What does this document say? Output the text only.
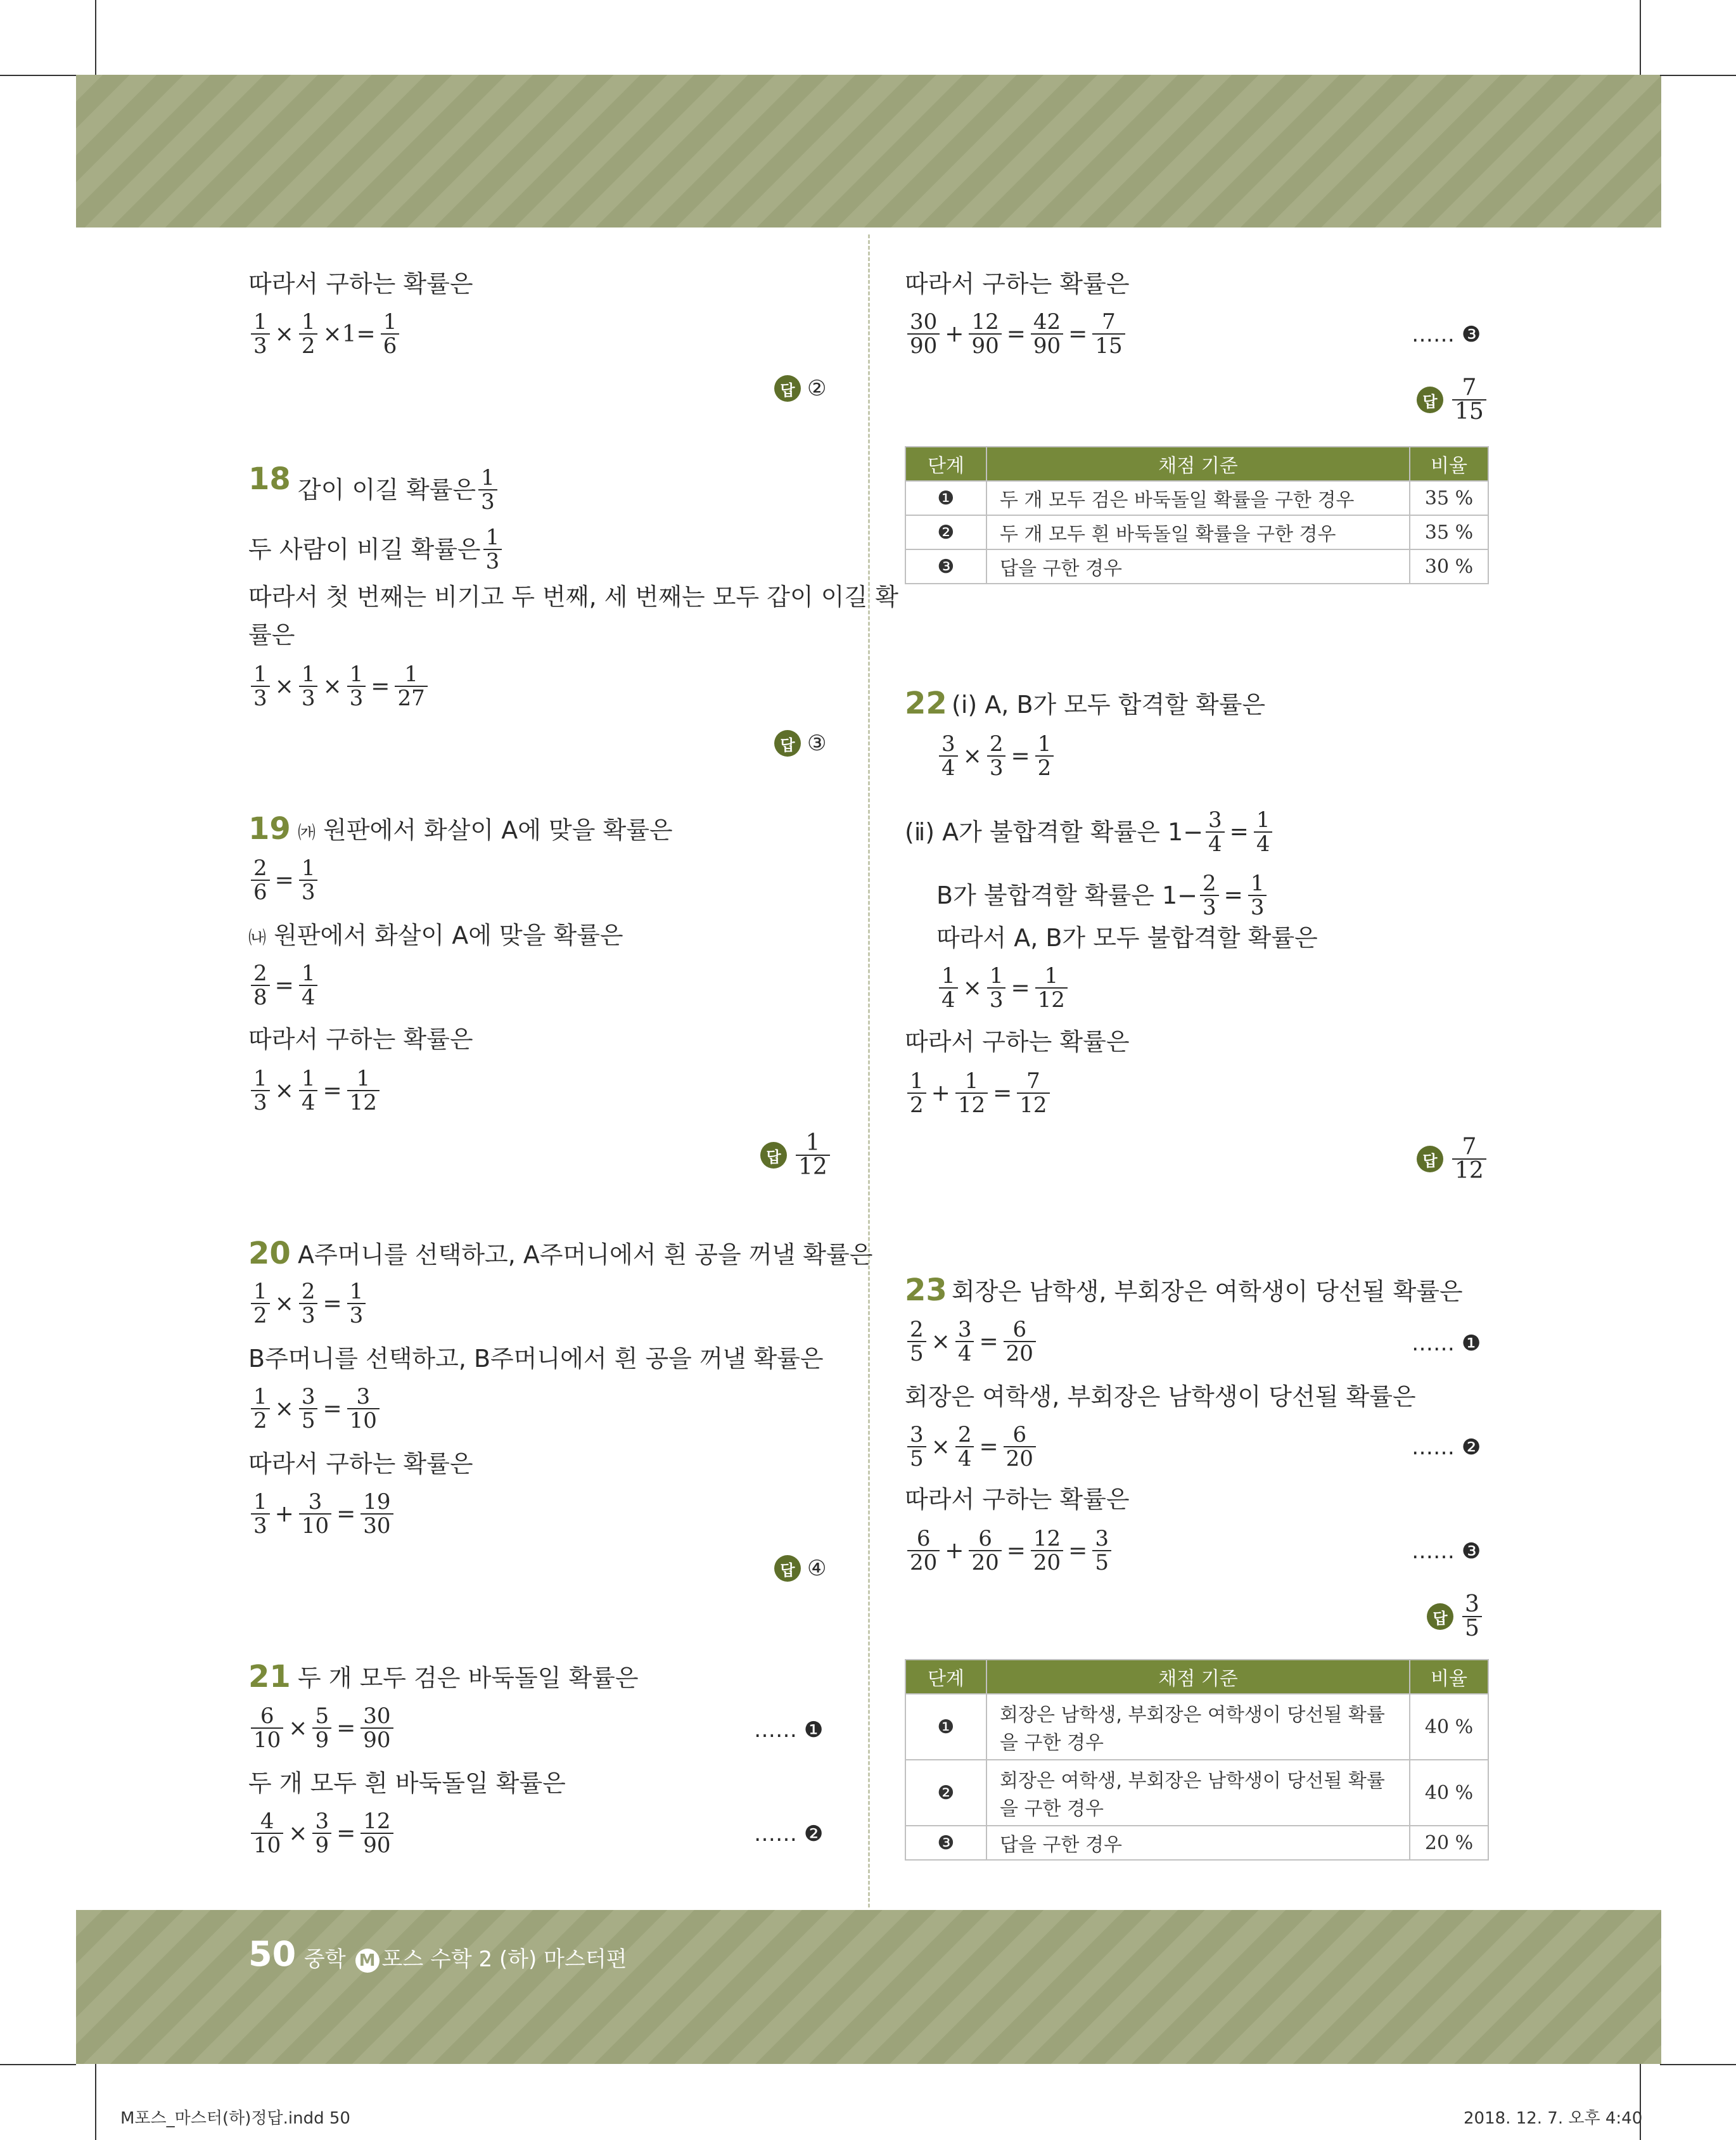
따라서 구하는 확률은
$\frac{1}{3} \times \frac{1}{2} \times 1= \frac{1}{6}$
답 ②
18 갑이 이길 확률은 $\frac{1}{3}$
두 사람이 비길 확률은 $\frac{1}{3}$
따라서 첫 번째는 비기고 두 번째, 세 번째는 모두 갑이 이길 확
률은
$\frac{1}{3} \times \frac{1}{3} \times \frac{1}{3} = \frac{1}{27}$
답 ③
19 ㈎ 원판에서 화살이 A에 맞을 확률은
$\frac{2}{6} = \frac{1}{3}$
㈏ 원판에서 화살이 A에 맞을 확률은
$\frac{2}{8} = \frac{1}{4}$
따라서 구하는 확률은
$\frac{1}{3} \times \frac{1}{4} = \frac{1}{12}$
답 $\frac{1}{12}$
20 A주머니를 선택하고, A주머니에서 흰 공을 꺼낼 확률은
$\frac{1}{2} \times \frac{2}{3} = \frac{1}{3}$
B주머니를 선택하고, B주머니에서 흰 공을 꺼낼 확률은
$\frac{1}{2} \times \frac{3}{5} = \frac{3}{10}$
따라서 구하는 확률은
$\frac{1}{3} + \frac{3}{10} = \frac{19}{30}$
답 ④
21 두 개 모두 검은 바둑돌일 확률은
$\frac{6}{10} \times \frac{5}{9} = \frac{30}{90}$	…… ❶
두 개 모두 흰 바둑돌일 확률은
$\frac{4}{10} \times \frac{3}{9} = \frac{12}{90}$	…… ❷
따라서 구하는 확률은
$\frac{30}{90} + \frac{12}{90} = \frac{42}{90} = \frac{7}{15}$	…… ❸
답 $\frac{7}{15}$
단계	채점 기준	비율
❶	두 개 모두 검은 바둑돌일 확률을 구한 경우	35 %
❷	두 개 모두 흰 바둑돌일 확률을 구한 경우	35 %
❸	답을 구한 경우	30 %
22 (ⅰ) A, B가 모두 합격할 확률은
$\frac{3}{4} \times \frac{2}{3} = \frac{1}{2}$
(ⅱ) A가 불합격할 확률은 $1- \frac{3}{4} = \frac{1}{4}$
B가 불합격할 확률은 $1- \frac{2}{3} = \frac{1}{3}$
따라서 A, B가 모두 불합격할 확률은
$\frac{1}{4} \times \frac{1}{3} = \frac{1}{12}$
따라서 구하는 확률은
$\frac{1}{2} + \frac{1}{12} = \frac{7}{12}$
답 $\frac{7}{12}$
23 회장은 남학생, 부회장은 여학생이 당선될 확률은
$\frac{2}{5} \times \frac{3}{4} = \frac{6}{20}$	…… ❶
회장은 여학생, 부회장은 남학생이 당선될 확률은
$\frac{3}{5} \times \frac{2}{4} = \frac{6}{20}$	…… ❷
따라서 구하는 확률은
$\frac{6}{20} + \frac{6}{20} = \frac{12}{20} = \frac{3}{5}$	…… ❸
답 $\frac{3}{5}$
단계	채점 기준	비율
❶	회장은 남학생, 부회장은 여학생이 당선될 확률을 구한 경우	40 %
❷	회장은 여학생, 부회장은 남학생이 당선될 확률을 구한 경우	40 %
❸	답을 구한 경우	20 %
50 중학 M 포스 수학 2 (하) 마스터편
M포스_마스터(하)정답.indd 50	2018. 12. 7. 오후 4:40
